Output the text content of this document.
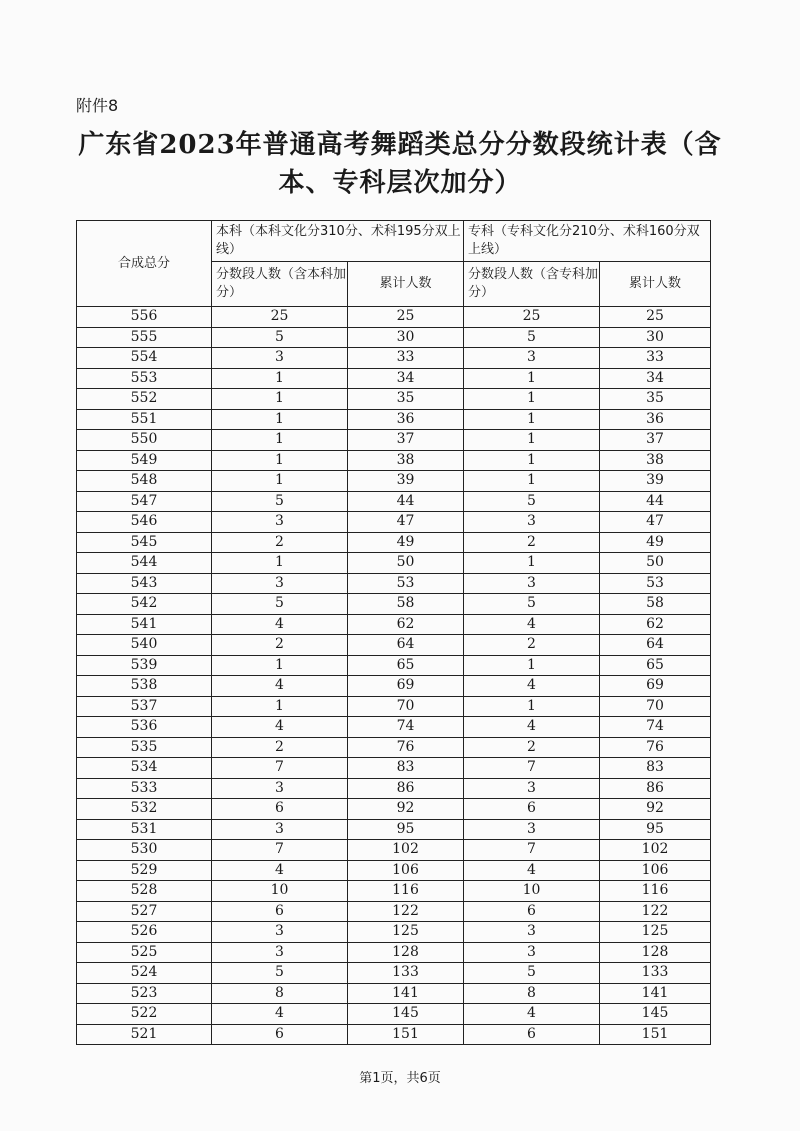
附件8
广东省2023年普通高考舞蹈类总分分数段统计表（含
本、专科层次加分）
合成总分	本科（本科文化分310分、术科195分双上线）		专科（专科文化分210分、术科160分双上线）	
	分数段人数（含本科加分）	累计人数	分数段人数（含专科加分）	累计人数
556	25	25	25	25
555	5	30	5	30
554	3	33	3	33
553	1	34	1	34
552	1	35	1	35
551	1	36	1	36
550	1	37	1	37
549	1	38	1	38
548	1	39	1	39
547	5	44	5	44
546	3	47	3	47
545	2	49	2	49
544	1	50	1	50
543	3	53	3	53
542	5	58	5	58
541	4	62	4	62
540	2	64	2	64
539	1	65	1	65
538	4	69	4	69
537	1	70	1	70
536	4	74	4	74
535	2	76	2	76
534	7	83	7	83
533	3	86	3	86
532	6	92	6	92
531	3	95	3	95
530	7	102	7	102
529	4	106	4	106
528	10	116	10	116
527	6	122	6	122
526	3	125	3	125
525	3	128	3	128
524	5	133	5	133
523	8	141	8	141
522	4	145	4	145
521	6	151	6	151
第1页，共6页
